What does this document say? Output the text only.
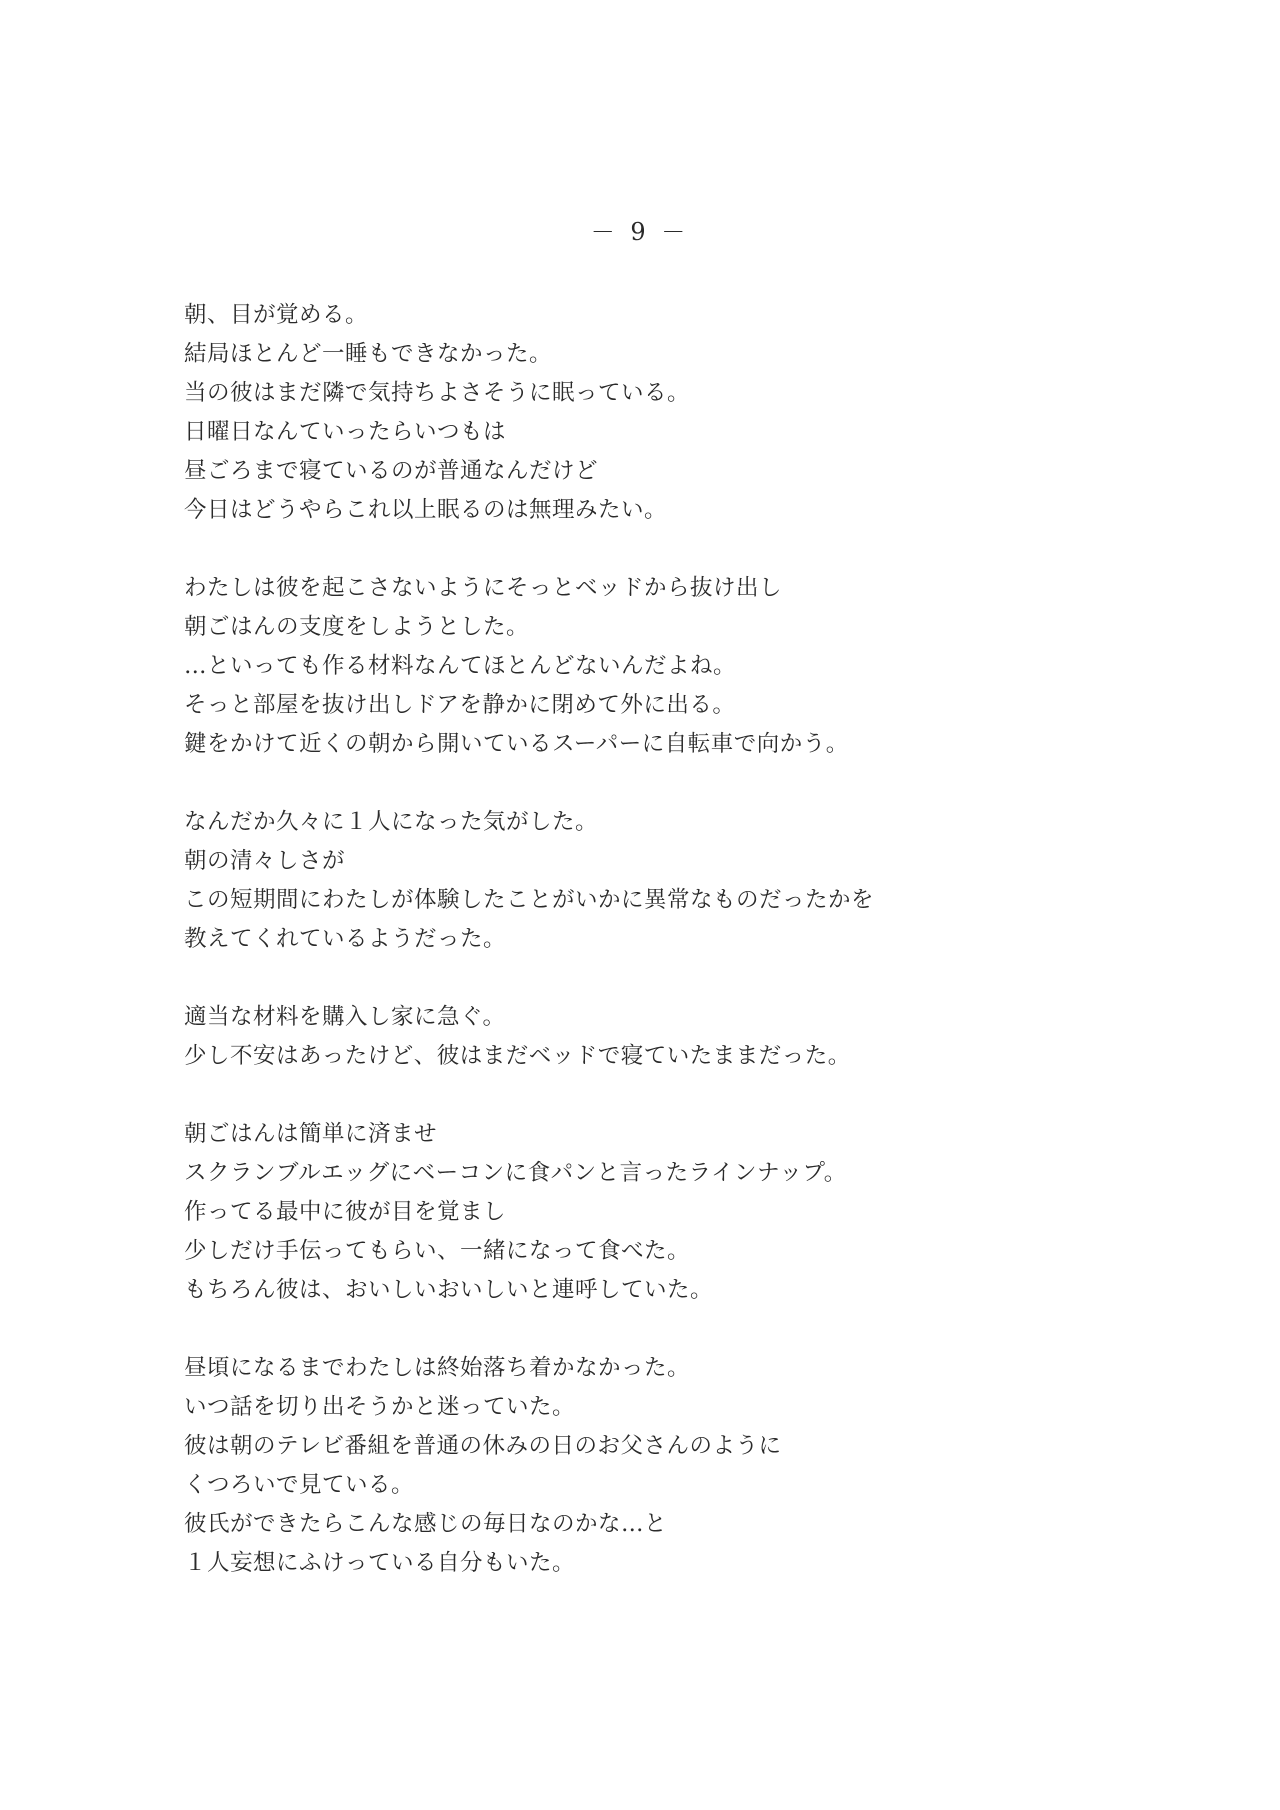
－ 9 －
朝、目が覚める。
結局ほとんど一睡もできなかった。
当の彼はまだ隣で気持ちよさそうに眠っている。
日曜日なんていったらいつもは
昼ごろまで寝ているのが普通なんだけど
今日はどうやらこれ以上眠るのは無理みたい。
わたしは彼を起こさないようにそっとベッドから抜け出し
朝ごはんの支度をしようとした。
…といっても作る材料なんてほとんどないんだよね。
そっと部屋を抜け出しドアを静かに閉めて外に出る。
鍵をかけて近くの朝から開いているスーパーに自転車で向かう。
なんだか久々に１人になった気がした。
朝の清々しさが
この短期間にわたしが体験したことがいかに異常なものだったかを
教えてくれているようだった。
適当な材料を購入し家に急ぐ。
少し不安はあったけど、彼はまだベッドで寝ていたままだった。
朝ごはんは簡単に済ませ
スクランブルエッグにベーコンに食パンと言ったラインナップ。
作ってる最中に彼が目を覚まし
少しだけ手伝ってもらい、一緒になって食べた。
もちろん彼は、おいしいおいしいと連呼していた。
昼頃になるまでわたしは終始落ち着かなかった。
いつ話を切り出そうかと迷っていた。
彼は朝のテレビ番組を普通の休みの日のお父さんのように
くつろいで見ている。
彼氏ができたらこんな感じの毎日なのかな…と
１人妄想にふけっている自分もいた。
